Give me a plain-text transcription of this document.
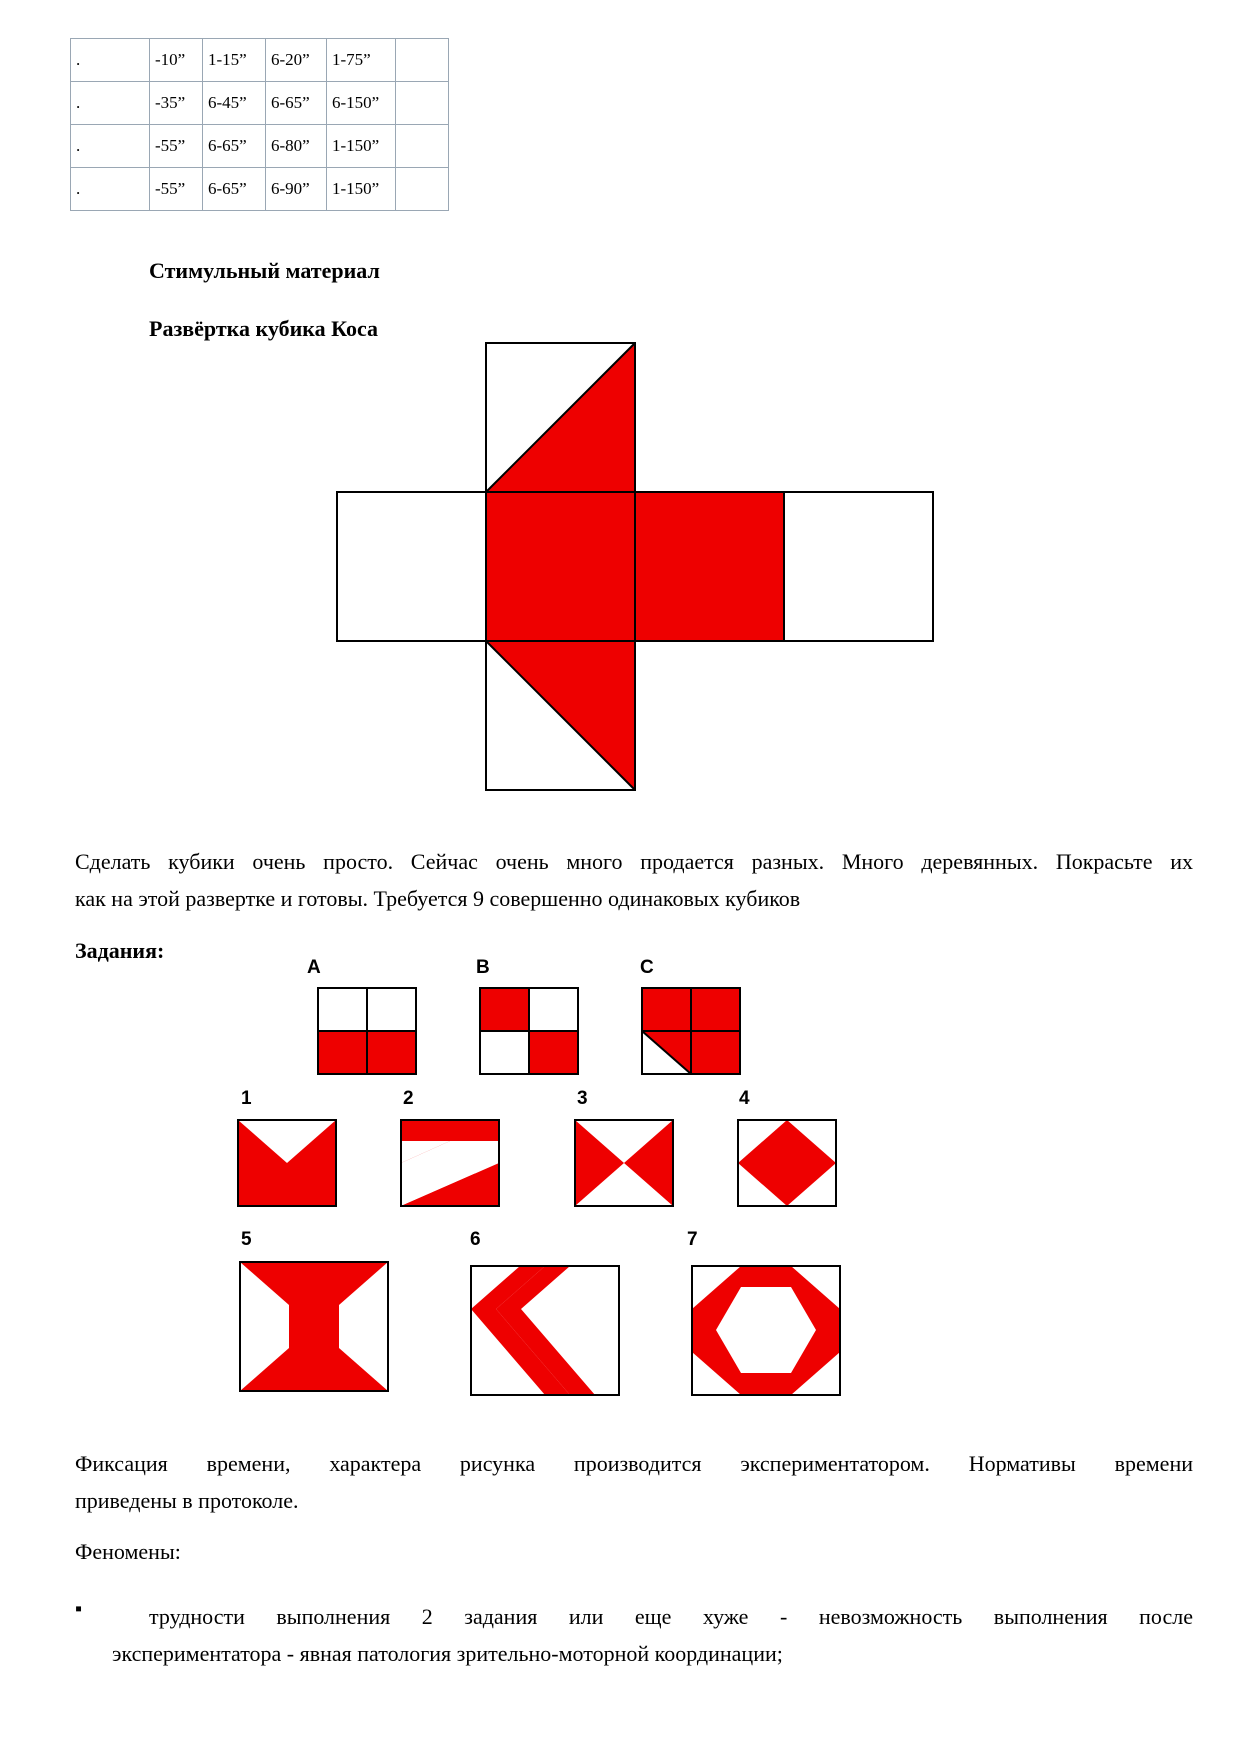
.	-10”	1-15”	6-20”	1-75”	
.	-35”	6-45”	6-65”	6-150”	
.	-55”	6-65”	6-80”	1-150”	
.	-55”	6-65”	6-90”	1-150”	
Стимульный материал
Развёртка кубика Коса
Сделать кубики очень просто. Сейчас очень много продается разных. Много деревянных. Покрасьте их
как на этой развертке и готовы. Требуется 9 совершенно одинаковых кубиков
Задания:
A	B	C
1	2	3	4
5	6	7
Фиксация времени, характера рисунка производится экспериментатором. Нормативы времени
приведены в протоколе.
Феномены:
▪	трудности выполнения 2 задания или еще хуже - невозможность выполнения после
экспериментатора - явная патология зрительно-моторной координации;
